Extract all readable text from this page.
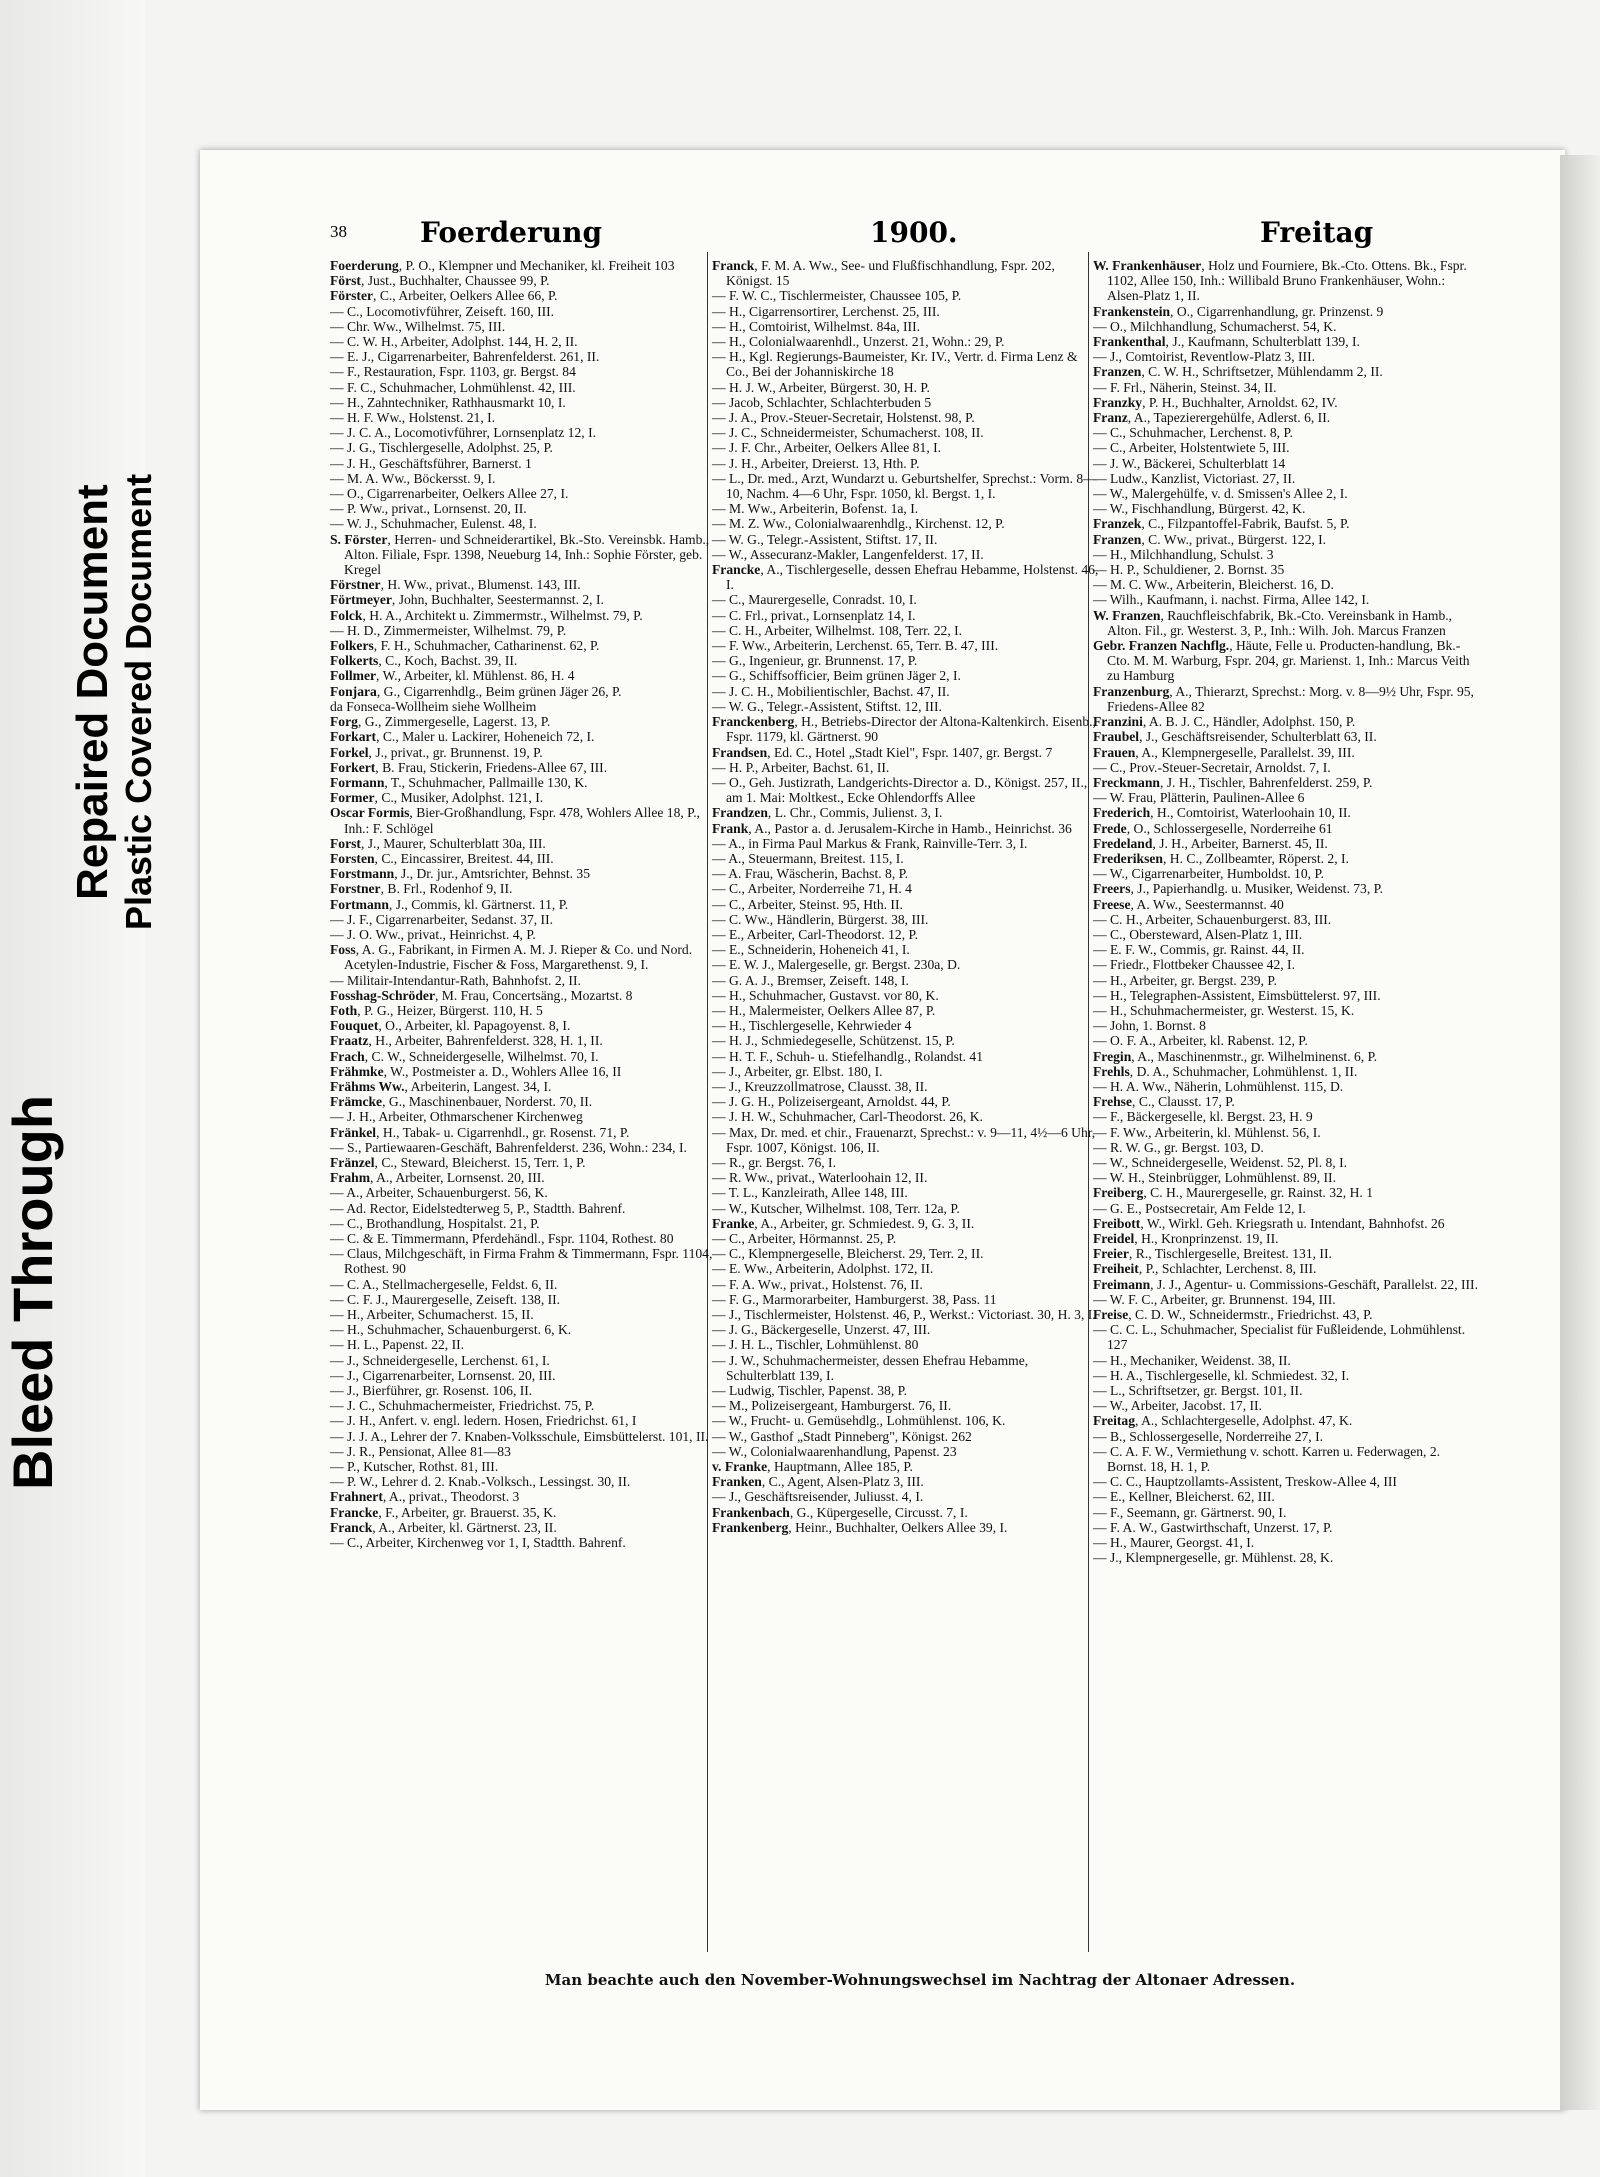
Bleed Through
Repaired Document Plastic Covered Document
38	Foerderung	1900.	Freitag

Foerderung, P. O., Klempner und Mechaniker, kl. Freiheit 103

Först, Just., Buchhalter, Chaussee 99, P.

Förster, C., Arbeiter, Oelkers Allee 66, P.

— C., Locomotivführer, Zeiseft. 160, III.

— Chr. Ww., Wilhelmst. 75, III.

— C. W. H., Arbeiter, Adolphst. 144, H. 2, II.

— E. J., Cigarrenarbeiter, Bahrenfelderst. 261, II.

— F., Restauration, Fspr. 1103, gr. Bergst. 84

— F. C., Schuhmacher, Lohmühlenst. 42, III.

— H., Zahntechniker, Rathhausmarkt 10, I.

— H. F. Ww., Holstenst. 21, I.

— J. C. A., Locomotivführer, Lornsenplatz 12, I.

— J. G., Tischlergeselle, Adolphst. 25, P.

— J. H., Geschäftsführer, Barnerst. 1

— M. A. Ww., Böckersst. 9, I.

— O., Cigarrenarbeiter, Oelkers Allee 27, I.

— P. Ww., privat., Lornsenst. 20, II.

— W. J., Schuhmacher, Eulenst. 48, I.

S. Förster, Herren- und Schneiderartikel, Bk.-Sto. Vereinsbk. Hamb., Alton. Filiale, Fspr. 1398, Neueburg 14, Inh.: Sophie Förster, geb. Kregel

Förstner, H. Ww., privat., Blumenst. 143, III.

Förtmeyer, John, Buchhalter, Seestermannst. 2, I.

Folck, H. A., Architekt u. Zimmermstr., Wilhelmst. 79, P.

— H. D., Zimmermeister, Wilhelmst. 79, P.

Folkers, F. H., Schuhmacher, Catharinenst. 62, P.

Folkerts, C., Koch, Bachst. 39, II.

Follmer, W., Arbeiter, kl. Mühlenst. 86, H. 4

Fonjara, G., Cigarrenhdlg., Beim grünen Jäger 26, P.

da Fonseca-Wollheim siehe Wollheim

Forg, G., Zimmergeselle, Lagerst. 13, P.

Forkart, C., Maler u. Lackirer, Hoheneich 72, I.

Forkel, J., privat., gr. Brunnenst. 19, P.

Forkert, B. Frau, Stickerin, Friedens-Allee 67, III.

Formann, T., Schuhmacher, Pallmaille 130, K.

Former, C., Musiker, Adolphst. 121, I.

Oscar Formis, Bier-Großhandlung, Fspr. 478, Wohlers Allee 18, P., Inh.: F. Schlögel

Forst, J., Maurer, Schulterblatt 30a, III.

Forsten, C., Eincassirer, Breitest. 44, III.

Forstmann, J., Dr. jur., Amtsrichter, Behnst. 35

Forstner, B. Frl., Rodenhof 9, II.

Fortmann, J., Commis, kl. Gärtnerst. 11, P.

— J. F., Cigarrenarbeiter, Sedanst. 37, II.

— J. O. Ww., privat., Heinrichst. 4, P.

Foss, A. G., Fabrikant, in Firmen A. M. J. Rieper & Co. und Nord. Acetylen-Industrie, Fischer & Foss, Margarethenst. 9, I.

— Militair-Intendantur-Rath, Bahnhofst. 2, II.

Fosshag-Schröder, M. Frau, Concertsäng., Mozartst. 8

Foth, P. G., Heizer, Bürgerst. 110, H. 5

Fouquet, O., Arbeiter, kl. Papagoyenst. 8, I.

Fraatz, H., Arbeiter, Bahrenfelderst. 328, H. 1, II.

Frach, C. W., Schneidergeselle, Wilhelmst. 70, I.

Frähmke, W., Postmeister a. D., Wohlers Allee 16, II

Frähms Ww., Arbeiterin, Langest. 34, I.

Främcke, G., Maschinenbauer, Norderst. 70, II.

— J. H., Arbeiter, Othmarschener Kirchenweg

Fränkel, H., Tabak- u. Cigarrenhdl., gr. Rosenst. 71, P.

— S., Partiewaaren-Geschäft, Bahrenfelderst. 236, Wohn.: 234, I.

Fränzel, C., Steward, Bleicherst. 15, Terr. 1, P.

Frahm, A., Arbeiter, Lornsenst. 20, III.

— A., Arbeiter, Schauenburgerst. 56, K.

— Ad. Rector, Eidelstedterweg 5, P., Stadtth. Bahrenf.

— C., Brothandlung, Hospitalst. 21, P.

— C. & E. Timmermann, Pferdehändl., Fspr. 1104, Rothest. 80

— Claus, Milchgeschäft, in Firma Frahm & Timmermann, Fspr. 1104, Rothest. 90

— C. A., Stellmachergeselle, Feldst. 6, II.

— C. F. J., Maurergeselle, Zeiseft. 138, II.

— H., Arbeiter, Schumacherst. 15, II.

— H., Schuhmacher, Schauenburgerst. 6, K.

— H. L., Papenst. 22, II.

— J., Schneidergeselle, Lerchenst. 61, I.

— J., Cigarrenarbeiter, Lornsenst. 20, III.

— J., Bierführer, gr. Rosenst. 106, II.

— J. C., Schuhmachermeister, Friedrichst. 75, P.

— J. H., Anfert. v. engl. ledern. Hosen, Friedrichst. 61, I

— J. J. A., Lehrer der 7. Knaben-Volksschule, Eimsbüttelerst. 101, II.

— J. R., Pensionat, Allee 81—83

— P., Kutscher, Rothst. 81, III.

— P. W., Lehrer d. 2. Knab.-Volksch., Lessingst. 30, II.

Frahnert, A., privat., Theodorst. 3

Francke, F., Arbeiter, gr. Brauerst. 35, K.

Franck, A., Arbeiter, kl. Gärtnerst. 23, II.

— C., Arbeiter, Kirchenweg vor 1, I, Stadtth. Bahrenf.

Franck, F. M. A. Ww., See- und Flußfischhandlung, Fspr. 202, Königst. 15

— F. W. C., Tischlermeister, Chaussee 105, P.

— H., Cigarrensortirer, Lerchenst. 25, III.

— H., Comtoirist, Wilhelmst. 84a, III.

— H., Colonialwaarenhdl., Unzerst. 21, Wohn.: 29, P.

— H., Kgl. Regierungs-Baumeister, Kr. IV., Vertr. d. Firma Lenz & Co., Bei der Johanniskirche 18

— H. J. W., Arbeiter, Bürgerst. 30, H. P.

— Jacob, Schlachter, Schlachterbuden 5

— J. A., Prov.-Steuer-Secretair, Holstenst. 98, P.

— J. C., Schneidermeister, Schumacherst. 108, II.

— J. F. Chr., Arbeiter, Oelkers Allee 81, I.

— J. H., Arbeiter, Dreierst. 13, Hth. P.

— L., Dr. med., Arzt, Wundarzt u. Geburtshelfer, Sprechst.: Vorm. 8—10, Nachm. 4—6 Uhr, Fspr. 1050, kl. Bergst. 1, I.

— M. Ww., Arbeiterin, Bofenst. 1a, I.

— M. Z. Ww., Colonialwaarenhdlg., Kirchenst. 12, P.

— W. G., Telegr.-Assistent, Stiftst. 17, II.

— W., Assecuranz-Makler, Langenfelderst. 17, II.

Francke, A., Tischlergeselle, dessen Ehefrau Hebamme, Holstenst. 46, I.

— C., Maurergeselle, Conradst. 10, I.

— C. Frl., privat., Lornsenplatz 14, I.

— C. H., Arbeiter, Wilhelmst. 108, Terr. 22, I.

— F. Ww., Arbeiterin, Lerchenst. 65, Terr. B. 47, III.

— G., Ingenieur, gr. Brunnenst. 17, P.

— G., Schiffsofficier, Beim grünen Jäger 2, I.

— J. C. H., Mobilientischler, Bachst. 47, II.

— W. G., Telegr.-Assistent, Stiftst. 12, III.

Franckenberg, H., Betriebs-Director der Altona-Kaltenkirch. Eisenb., Fspr. 1179, kl. Gärtnerst. 90

Frandsen, Ed. C., Hotel „Stadt Kiel", Fspr. 1407, gr. Bergst. 7

— H. P., Arbeiter, Bachst. 61, II.

— O., Geh. Justizrath, Landgerichts-Director a. D., Königst. 257, II., am 1. Mai: Moltkest., Ecke Ohlendorffs Allee

Frandzen, L. Chr., Commis, Julienst. 3, I.

Frank, A., Pastor a. d. Jerusalem-Kirche in Hamb., Heinrichst. 36

— A., in Firma Paul Markus & Frank, Rainville-Terr. 3, I.

— A., Steuermann, Breitest. 115, I.

— A. Frau, Wäscherin, Bachst. 8, P.

— C., Arbeiter, Norderreihe 71, H. 4

— C., Arbeiter, Steinst. 95, Hth. II.

— C. Ww., Händlerin, Bürgerst. 38, III.

— E., Arbeiter, Carl-Theodorst. 12, P.

— E., Schneiderin, Hoheneich 41, I.

— E. W. J., Malergeselle, gr. Bergst. 230a, D.

— G. A. J., Bremser, Zeiseft. 148, I.

— H., Schuhmacher, Gustavst. vor 80, K.

— H., Malermeister, Oelkers Allee 87, P.

— H., Tischlergeselle, Kehrwieder 4

— H. J., Schmiedegeselle, Schützenst. 15, P.

— H. T. F., Schuh- u. Stiefelhandlg., Rolandst. 41

— J., Arbeiter, gr. Elbst. 180, I.

— J., Kreuzzollmatrose, Clausst. 38, II.

— J. G. H., Polizeisergeant, Arnoldst. 44, P.

— J. H. W., Schuhmacher, Carl-Theodorst. 26, K.

— Max, Dr. med. et chir., Frauenarzt, Sprechst.: v. 9—11, 4½—6 Uhr, Fspr. 1007, Königst. 106, II.

— R., gr. Bergst. 76, I.

— R. Ww., privat., Waterloohain 12, II.

— T. L., Kanzleirath, Allee 148, III.

— W., Kutscher, Wilhelmst. 108, Terr. 12a, P.

Franke, A., Arbeiter, gr. Schmiedest. 9, G. 3, II.

— C., Arbeiter, Hörmannst. 25, P.

— C., Klempnergeselle, Bleicherst. 29, Terr. 2, II.

— E. Ww., Arbeiterin, Adolphst. 172, II.

— F. A. Ww., privat., Holstenst. 76, II.

— F. G., Marmorarbeiter, Hamburgerst. 38, Pass. 11

— J., Tischlermeister, Holstenst. 46, P., Werkst.: Victoriast. 30, H. 3, I.

— J. G., Bäckergeselle, Unzerst. 47, III.

— J. H. L., Tischler, Lohmühlenst. 80

— J. W., Schuhmachermeister, dessen Ehefrau Hebamme, Schulterblatt 139, I.

— Ludwig, Tischler, Papenst. 38, P.

— M., Polizeisergeant, Hamburgerst. 76, II.

— W., Frucht- u. Gemüsehdlg., Lohmühlenst. 106, K.

— W., Gasthof „Stadt Pinneberg", Königst. 262

— W., Colonialwaarenhandlung, Papenst. 23

v. Franke, Hauptmann, Allee 185, P.

Franken, C., Agent, Alsen-Platz 3, III.

— J., Geschäftsreisender, Juliusst. 4, I.

Frankenbach, G., Küpergeselle, Circusst. 7, I.

Frankenberg, Heinr., Buchhalter, Oelkers Allee 39, I.

W. Frankenhäuser, Holz und Fourniere, Bk.-Cto. Ottens. Bk., Fspr. 1102, Allee 150, Inh.: Willibald Bruno Frankenhäuser, Wohn.: Alsen-Platz 1, II.

Frankenstein, O., Cigarrenhandlung, gr. Prinzenst. 9

— O., Milchhandlung, Schumacherst. 54, K.

Frankenthal, J., Kaufmann, Schulterblatt 139, I.

— J., Comtoirist, Reventlow-Platz 3, III.

Franzen, C. W. H., Schriftsetzer, Mühlendamm 2, II.

— F. Frl., Näherin, Steinst. 34, II.

Franzky, P. H., Buchhalter, Arnoldst. 62, IV.

Franz, A., Tapezierergehülfe, Adlerst. 6, II.

— C., Schuhmacher, Lerchenst. 8, P.

— C., Arbeiter, Holstentwiete 5, III.

— J. W., Bäckerei, Schulterblatt 14

— Ludw., Kanzlist, Victoriast. 27, II.

— W., Malergehülfe, v. d. Smissen's Allee 2, I.

— W., Fischhandlung, Bürgerst. 42, K.

Franzek, C., Filzpantoffel-Fabrik, Baufst. 5, P.

Franzen, C. Ww., privat., Bürgerst. 122, I.

— H., Milchhandlung, Schulst. 3

— H. P., Schuldiener, 2. Bornst. 35

— M. C. Ww., Arbeiterin, Bleicherst. 16, D.

— Wilh., Kaufmann, i. nachst. Firma, Allee 142, I.

W. Franzen, Rauchfleischfabrik, Bk.-Cto. Vereinsbank in Hamb., Alton. Fil., gr. Westerst. 3, P., Inh.: Wilh. Joh. Marcus Franzen

Gebr. Franzen Nachflg., Häute, Felle u. Producten-handlung, Bk.-Cto. M. M. Warburg, Fspr. 204, gr. Marienst. 1, Inh.: Marcus Veith zu Hamburg

Franzenburg, A., Thierarzt, Sprechst.: Morg. v. 8—9½ Uhr, Fspr. 95, Friedens-Allee 82

Franzini, A. B. J. C., Händler, Adolphst. 150, P.

Fraubel, J., Geschäftsreisender, Schulterblatt 63, II.

Frauen, A., Klempnergeselle, Parallelst. 39, III.

— C., Prov.-Steuer-Secretair, Arnoldst. 7, I.

Freckmann, J. H., Tischler, Bahrenfelderst. 259, P.

— W. Frau, Plätterin, Paulinen-Allee 6

Frederich, H., Comtoirist, Waterloohain 10, II.

Frede, O., Schlossergeselle, Norderreihe 61

Fredeland, J. H., Arbeiter, Barnerst. 45, II.

Frederiksen, H. C., Zollbeamter, Röperst. 2, I.

— W., Cigarrenarbeiter, Humboldst. 10, P.

Freers, J., Papierhandlg. u. Musiker, Weidenst. 73, P.

Freese, A. Ww., Seestermannst. 40

— C. H., Arbeiter, Schauenburgerst. 83, III.

— C., Obersteward, Alsen-Platz 1, III.

— E. F. W., Commis, gr. Rainst. 44, II.

— Friedr., Flottbeker Chaussee 42, I.

— H., Arbeiter, gr. Bergst. 239, P.

— H., Telegraphen-Assistent, Eimsbüttelerst. 97, III.

— H., Schuhmachermeister, gr. Westerst. 15, K.

— John, 1. Bornst. 8

— O. F. A., Arbeiter, kl. Rabenst. 12, P.

Fregin, A., Maschinenmstr., gr. Wilhelminenst. 6, P.

Frehls, D. A., Schuhmacher, Lohmühlenst. 1, II.

— H. A. Ww., Näherin, Lohmühlenst. 115, D.

Frehse, C., Clausst. 17, P.

— F., Bäckergeselle, kl. Bergst. 23, H. 9

— F. Ww., Arbeiterin, kl. Mühlenst. 56, I.

— R. W. G., gr. Bergst. 103, D.

— W., Schneidergeselle, Weidenst. 52, Pl. 8, I.

— W. H., Steinbrügger, Lohmühlenst. 89, II.

Freiberg, C. H., Maurergeselle, gr. Rainst. 32, H. 1

— G. E., Postsecretair, Am Felde 12, I.

Freibott, W., Wirkl. Geh. Kriegsrath u. Intendant, Bahnhofst. 26

Freidel, H., Kronprinzenst. 19, II.

Freier, R., Tischlergeselle, Breitest. 131, II.

Freiheit, P., Schlachter, Lerchenst. 8, III.

Freimann, J. J., Agentur- u. Commissions-Geschäft, Parallelst. 22, III.

— W. F. C., Arbeiter, gr. Brunnenst. 194, III.

Freise, C. D. W., Schneidermstr., Friedrichst. 43, P.

— C. C. L., Schuhmacher, Specialist für Fußleidende, Lohmühlenst. 127

— H., Mechaniker, Weidenst. 38, II.

— H. A., Tischlergeselle, kl. Schmiedest. 32, I.

— L., Schriftsetzer, gr. Bergst. 101, II.

— W., Arbeiter, Jacobst. 17, II.

Freitag, A., Schlachtergeselle, Adolphst. 47, K.

— B., Schlossergeselle, Norderreihe 27, I.

— C. A. F. W., Vermiethung v. schott. Karren u. Federwagen, 2. Bornst. 18, H. 1, P.

— C. C., Hauptzollamts-Assistent, Treskow-Allee 4, III

— E., Kellner, Bleicherst. 62, III.

— F., Seemann, gr. Gärtnerst. 90, I.

— F. A. W., Gastwirthschaft, Unzerst. 17, P.

— H., Maurer, Georgst. 41, I.

— J., Klempnergeselle, gr. Mühlenst. 28, K.

Man beachte auch den November-Wohnungswechsel im Nachtrag der Altonaer Adressen.
